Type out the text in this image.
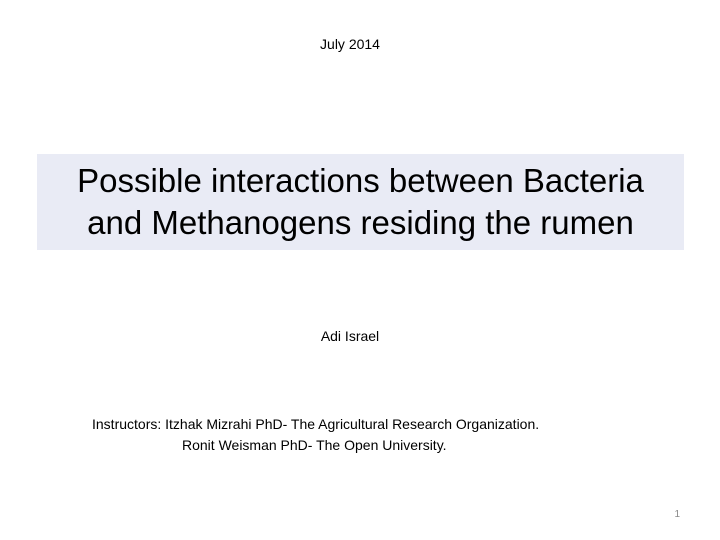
July 2014
Possible interactions between Bacteria
and Methanogens residing the rumen
Adi Israel
Instructors: Itzhak Mizrahi PhD- The Agricultural Research Organization.
Ronit Weisman PhD- The Open University.
1
